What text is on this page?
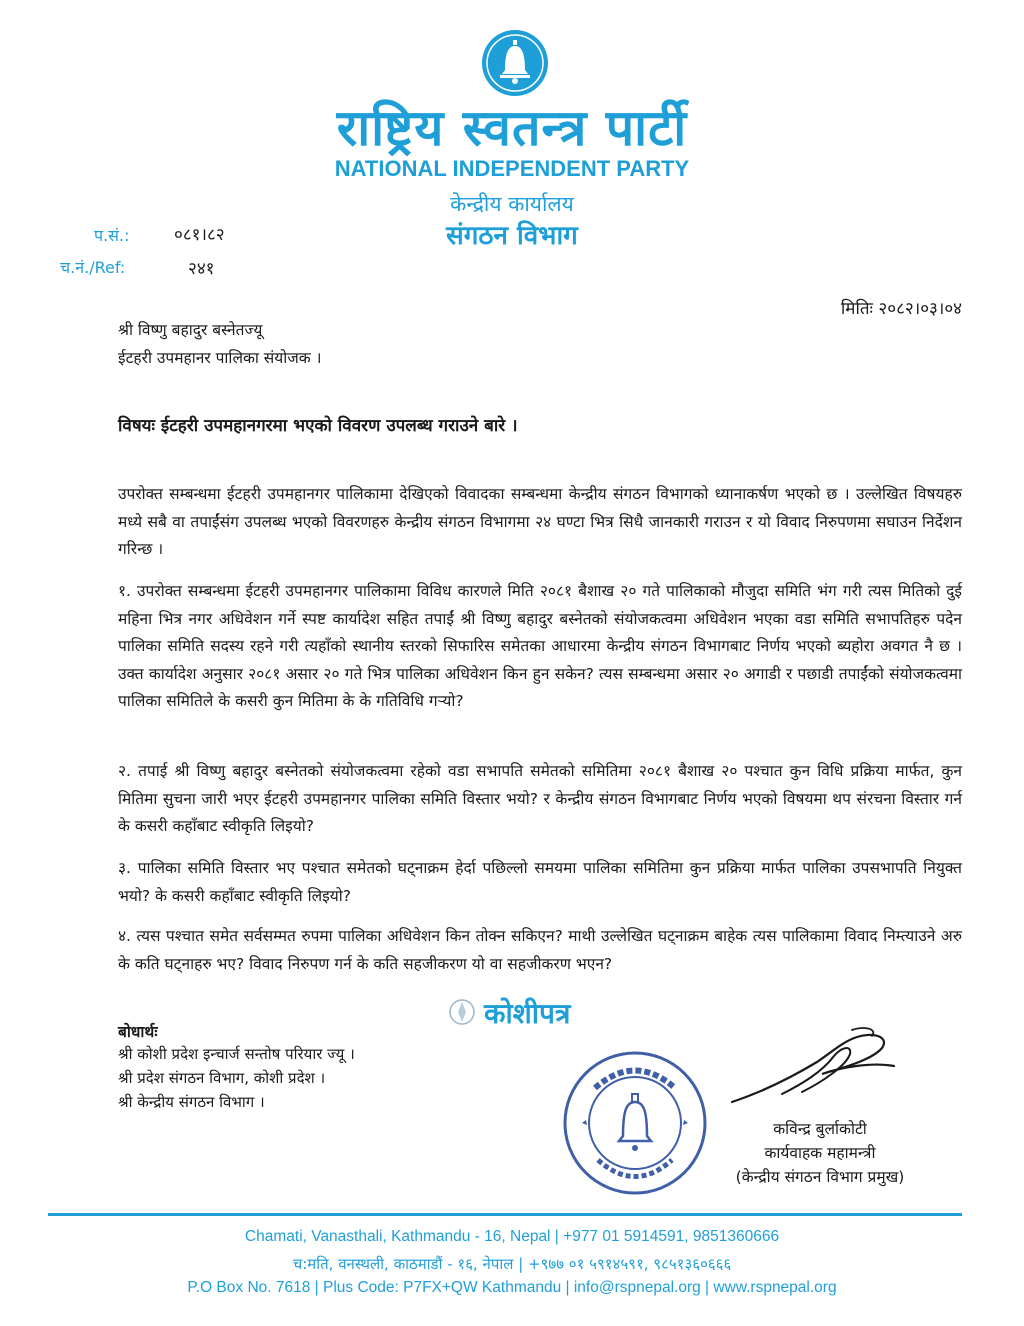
राष्ट्रिय स्वतन्त्र पार्टी
NATIONAL INDEPENDENT PARTY
केन्द्रीय कार्यालय
संगठन विभाग
प.सं.:	०८१।८२
च.नं./Ref:	२४१
मितिः २०८२।०३।०४
श्री विष्णु बहादुर बस्नेतज्यू
ईटहरी उपमहानर पालिका संयोजक ।
विषयः ईटहरी उपमहानगरमा भएको विवरण उपलब्ध गराउने बारे ।
उपरोक्त सम्बन्धमा ईटहरी उपमहानगर पालिकामा देखिएको विवादका सम्बन्धमा केन्द्रीय संगठन विभागको ध्यानाकर्षण भएको छ । उल्लेखित विषयहरु मध्ये सबै वा तपाईंसंग उपलब्ध भएको विवरणहरु केन्द्रीय संगठन विभागमा २४ घण्टा भित्र सिधै जानकारी गराउन र यो विवाद निरुपणमा सघाउन निर्देशन गरिन्छ ।
१. उपरोक्त सम्बन्धमा ईटहरी उपमहानगर पालिकामा विविध कारणले मिति २०८१ बैशाख २० गते पालिकाको मौजुदा समिति भंग गरी त्यस मितिको दुई महिना भित्र नगर अधिवेशन गर्ने स्पष्ट कार्यादेश सहित तपाईं श्री विष्णु बहादुर बस्नेतको संयोजकत्वमा अधिवेशन भएका वडा समिति सभापतिहरु पदेन पालिका समिति सदस्य रहने गरी त्यहाँको स्थानीय स्तरको सिफारिस समेतका आधारमा केन्द्रीय संगठन विभागबाट निर्णय भएको ब्यहोरा अवगत नै छ । उक्त कार्यादेश अनुसार २०८१ असार २० गते भित्र पालिका अधिवेशन किन हुन सकेन? त्यस सम्बन्धमा असार २० अगाडी र पछाडी तपाईंको संयोजकत्वमा पालिका समितिले के कसरी कुन मितिमा के के गतिविधि गर्‍यो?
२. तपाई श्री विष्णु बहादुर बस्नेतको संयोजकत्वमा रहेको वडा सभापति समेतको समितिमा २०८१ बैशाख २० पश्चात कुन विधि प्रक्रिया मार्फत, कुन मितिमा सुचना जारी भएर ईटहरी उपमहानगर पालिका समिति विस्तार भयो? र केन्द्रीय संगठन विभागबाट निर्णय भएको विषयमा थप संरचना विस्तार गर्न के कसरी कहाँबाट स्वीकृति लिइयो?
३. पालिका समिति विस्तार भए पश्चात समेतको घट्नाक्रम हेर्दा पछिल्लो समयमा पालिका समितिमा कुन प्रक्रिया मार्फत पालिका उपसभापति नियुक्त भयो? के कसरी कहाँबाट स्वीकृति लिइयो?
४. त्यस पश्चात समेत सर्वसम्मत रुपमा पालिका अधिवेशन किन तोक्न सकिएन? माथी उल्लेखित घट्नाक्रम बाहेक त्यस पालिकामा विवाद निम्त्याउने अरु के कति घट्नाहरु भए? विवाद निरुपण गर्न के कति सहजीकरण यो वा सहजीकरण भएन?
बोधार्थः
श्री कोशी प्रदेश इन्चार्ज सन्तोष परियार ज्यू ।
श्री प्रदेश संगठन विभाग, कोशी प्रदेश ।
श्री केन्द्रीय संगठन विभाग ।
कोशीपत्र
कविन्द्र बुर्लाकोटी
कार्यवाहक महामन्त्री
(केन्द्रीय संगठन विभाग प्रमुख)
Chamati, Vanasthali, Kathmandu - 16, Nepal | +977 01 5914591, 9851360666
च:मति, वनस्थली, काठमाडौं - १६, नेपाल | +९७७ ०१ ५९१४५९१, ९८५१३६०६६६
P.O Box No. 7618 | Plus Code: P7FX+QW Kathmandu | info@rspnepal.org | www.rspnepal.org
